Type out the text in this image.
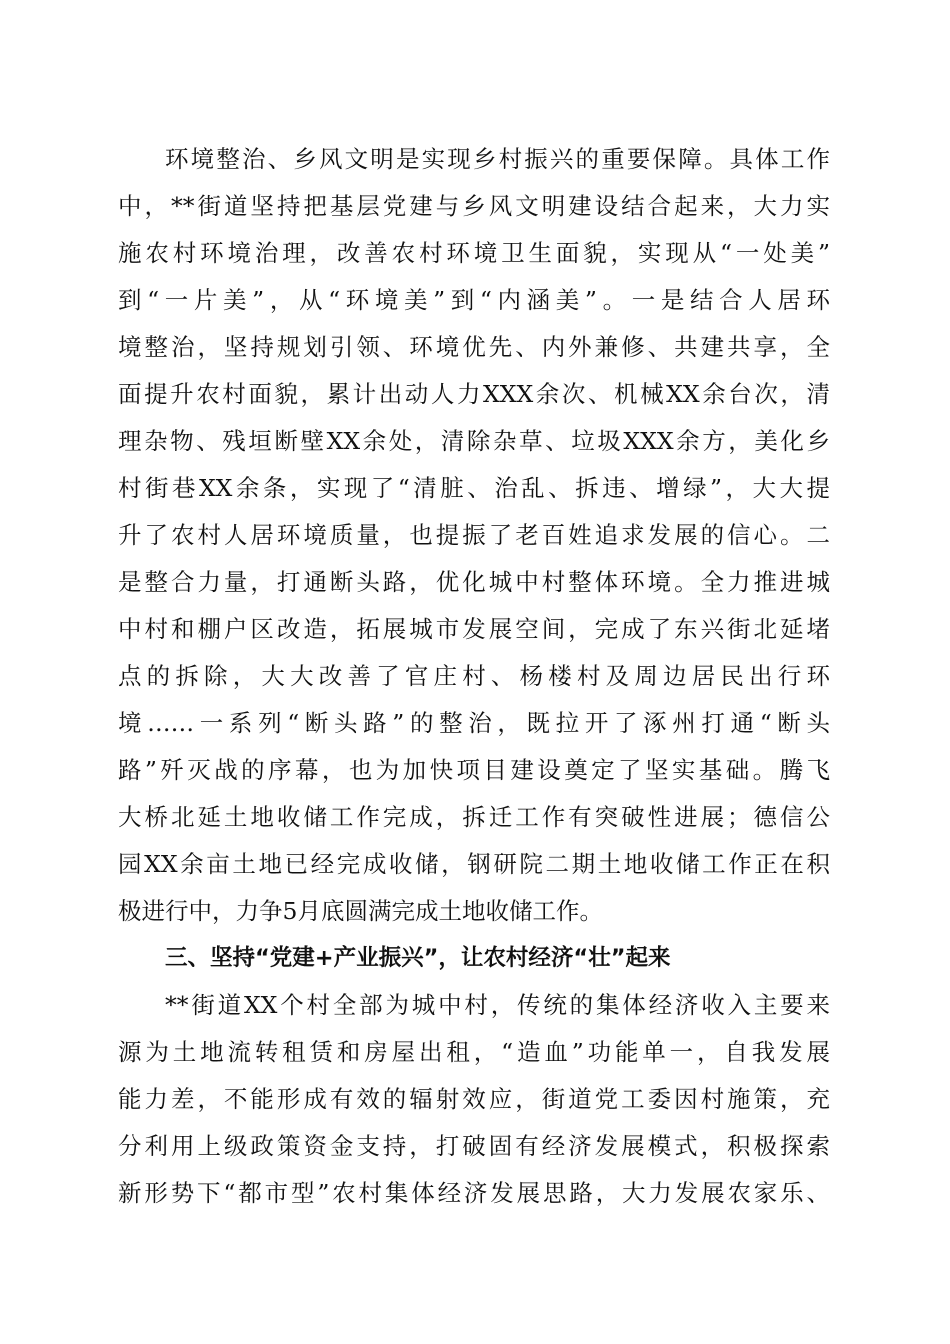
环境整治、乡风文明是实现乡村振兴的重要保障。具体工作
中，**街道坚持把基层党建与乡风文明建设结合起来，大力实
施农村环境治理，改善农村环境卫生面貌，实现从“一处美”
到“一片美”，从“环境美”到“内涵美”。一是结合人居环
境整治，坚持规划引领、环境优先、内外兼修、共建共享，全
面提升农村面貌，累计出动人力XXX余次、机械XX余台次，清
理杂物、残垣断壁XX余处，清除杂草、垃圾XXX余方，美化乡
村街巷XX余条，实现了“清脏、治乱、拆违、增绿”，大大提
升了农村人居环境质量，也提振了老百姓追求发展的信心。二
是整合力量，打通断头路，优化城中村整体环境。全力推进城
中村和棚户区改造，拓展城市发展空间，完成了东兴街北延堵
点的拆除，大大改善了官庄村、杨楼村及周边居民出行环
境……一系列“断头路”的整治，既拉开了涿州打通“断头
路”歼灭战的序幕，也为加快项目建设奠定了坚实基础。腾飞
大桥北延土地收储工作完成，拆迁工作有突破性进展；德信公
园XX余亩土地已经完成收储，钢研院二期土地收储工作正在积
极进行中，力争5月底圆满完成土地收储工作。
三、坚持“党建+产业振兴”，让农村经济“壮”起来
**街道XX个村全部为城中村，传统的集体经济收入主要来
源为土地流转租赁和房屋出租，“造血”功能单一，自我发展
能力差，不能形成有效的辐射效应，街道党工委因村施策，充
分利用上级政策资金支持，打破固有经济发展模式，积极探索
新形势下“都市型”农村集体经济发展思路，大力发展农家乐、
